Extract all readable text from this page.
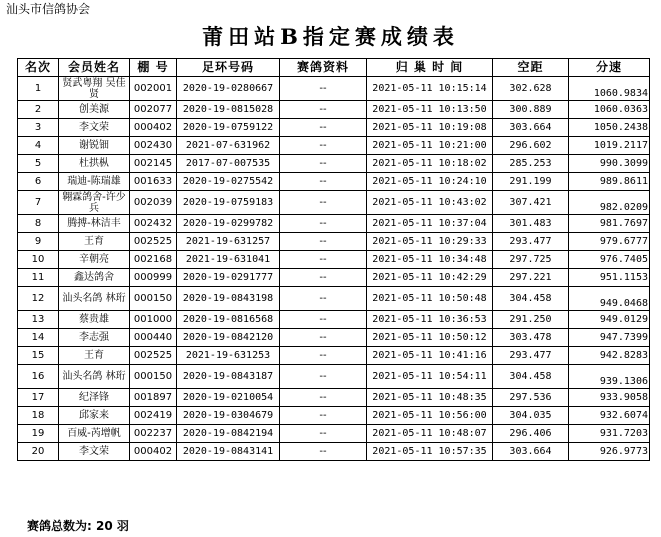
汕头市信鸽协会
莆田站B指定赛成绩表
名次	会员姓名	棚 号	足环号码	赛鸽资料	归 巢 时 间	空距	分速
1	贤武粤翔 吴佳贤	002001	2020-19-0280667	--	2021-05-11 10:15:14	302.628	1060.9834
2	创美源	002077	2020-19-0815028	--	2021-05-11 10:13:50	300.889	1060.0363
3	李文荣	000402	2020-19-0759122	--	2021-05-11 10:19:08	303.664	1050.2438
4	谢锐钿	002430	2021-07-631962	--	2021-05-11 10:21:00	296.602	1019.2117
5	杜拱枞	002145	2017-07-007535	--	2021-05-11 10:18:02	285.253	990.3099
6	瑞迪-陈瑞雄	001633	2020-19-0275542	--	2021-05-11 10:24:10	291.199	989.8611
7	翱霖鸽舍-许少兵	002039	2020-19-0759183	--	2021-05-11 10:43:02	307.421	982.0209
8	腾搏-林洁丰	002432	2020-19-0299782	--	2021-05-11 10:37:04	301.483	981.7697
9	王育	002525	2021-19-631257	--	2021-05-11 10:29:33	293.477	979.6777
10	辛朝亮	002168	2021-19-631041	--	2021-05-11 10:34:48	297.725	976.7405
11	鑫达鸽舍	000999	2020-19-0291777	--	2021-05-11 10:42:29	297.221	951.1153
12	汕头名鸽 林珩	000150	2020-19-0843198	--	2021-05-11 10:50:48	304.458	949.0468
13	蔡贵雄	001000	2020-19-0816568	--	2021-05-11 10:36:53	291.250	949.0129
14	李志强	000440	2020-19-0842120	--	2021-05-11 10:50:12	303.478	947.7399
15	王育	002525	2021-19-631253	--	2021-05-11 10:41:16	293.477	942.8283
16	汕头名鸽 林珩	000150	2020-19-0843187	--	2021-05-11 10:54:11	304.458	939.1306
17	纪泽锋	001897	2020-19-0210054	--	2021-05-11 10:48:35	297.536	933.9058
18	邱家来	002419	2020-19-0304679	--	2021-05-11 10:56:00	304.035	932.6074
19	百威-芮增帆	002237	2020-19-0842194	--	2021-05-11 10:48:07	296.406	931.7203
20	李文荣	000402	2020-19-0843141	--	2021-05-11 10:57:35	303.664	926.9773
赛鸽总数为: 20 羽
